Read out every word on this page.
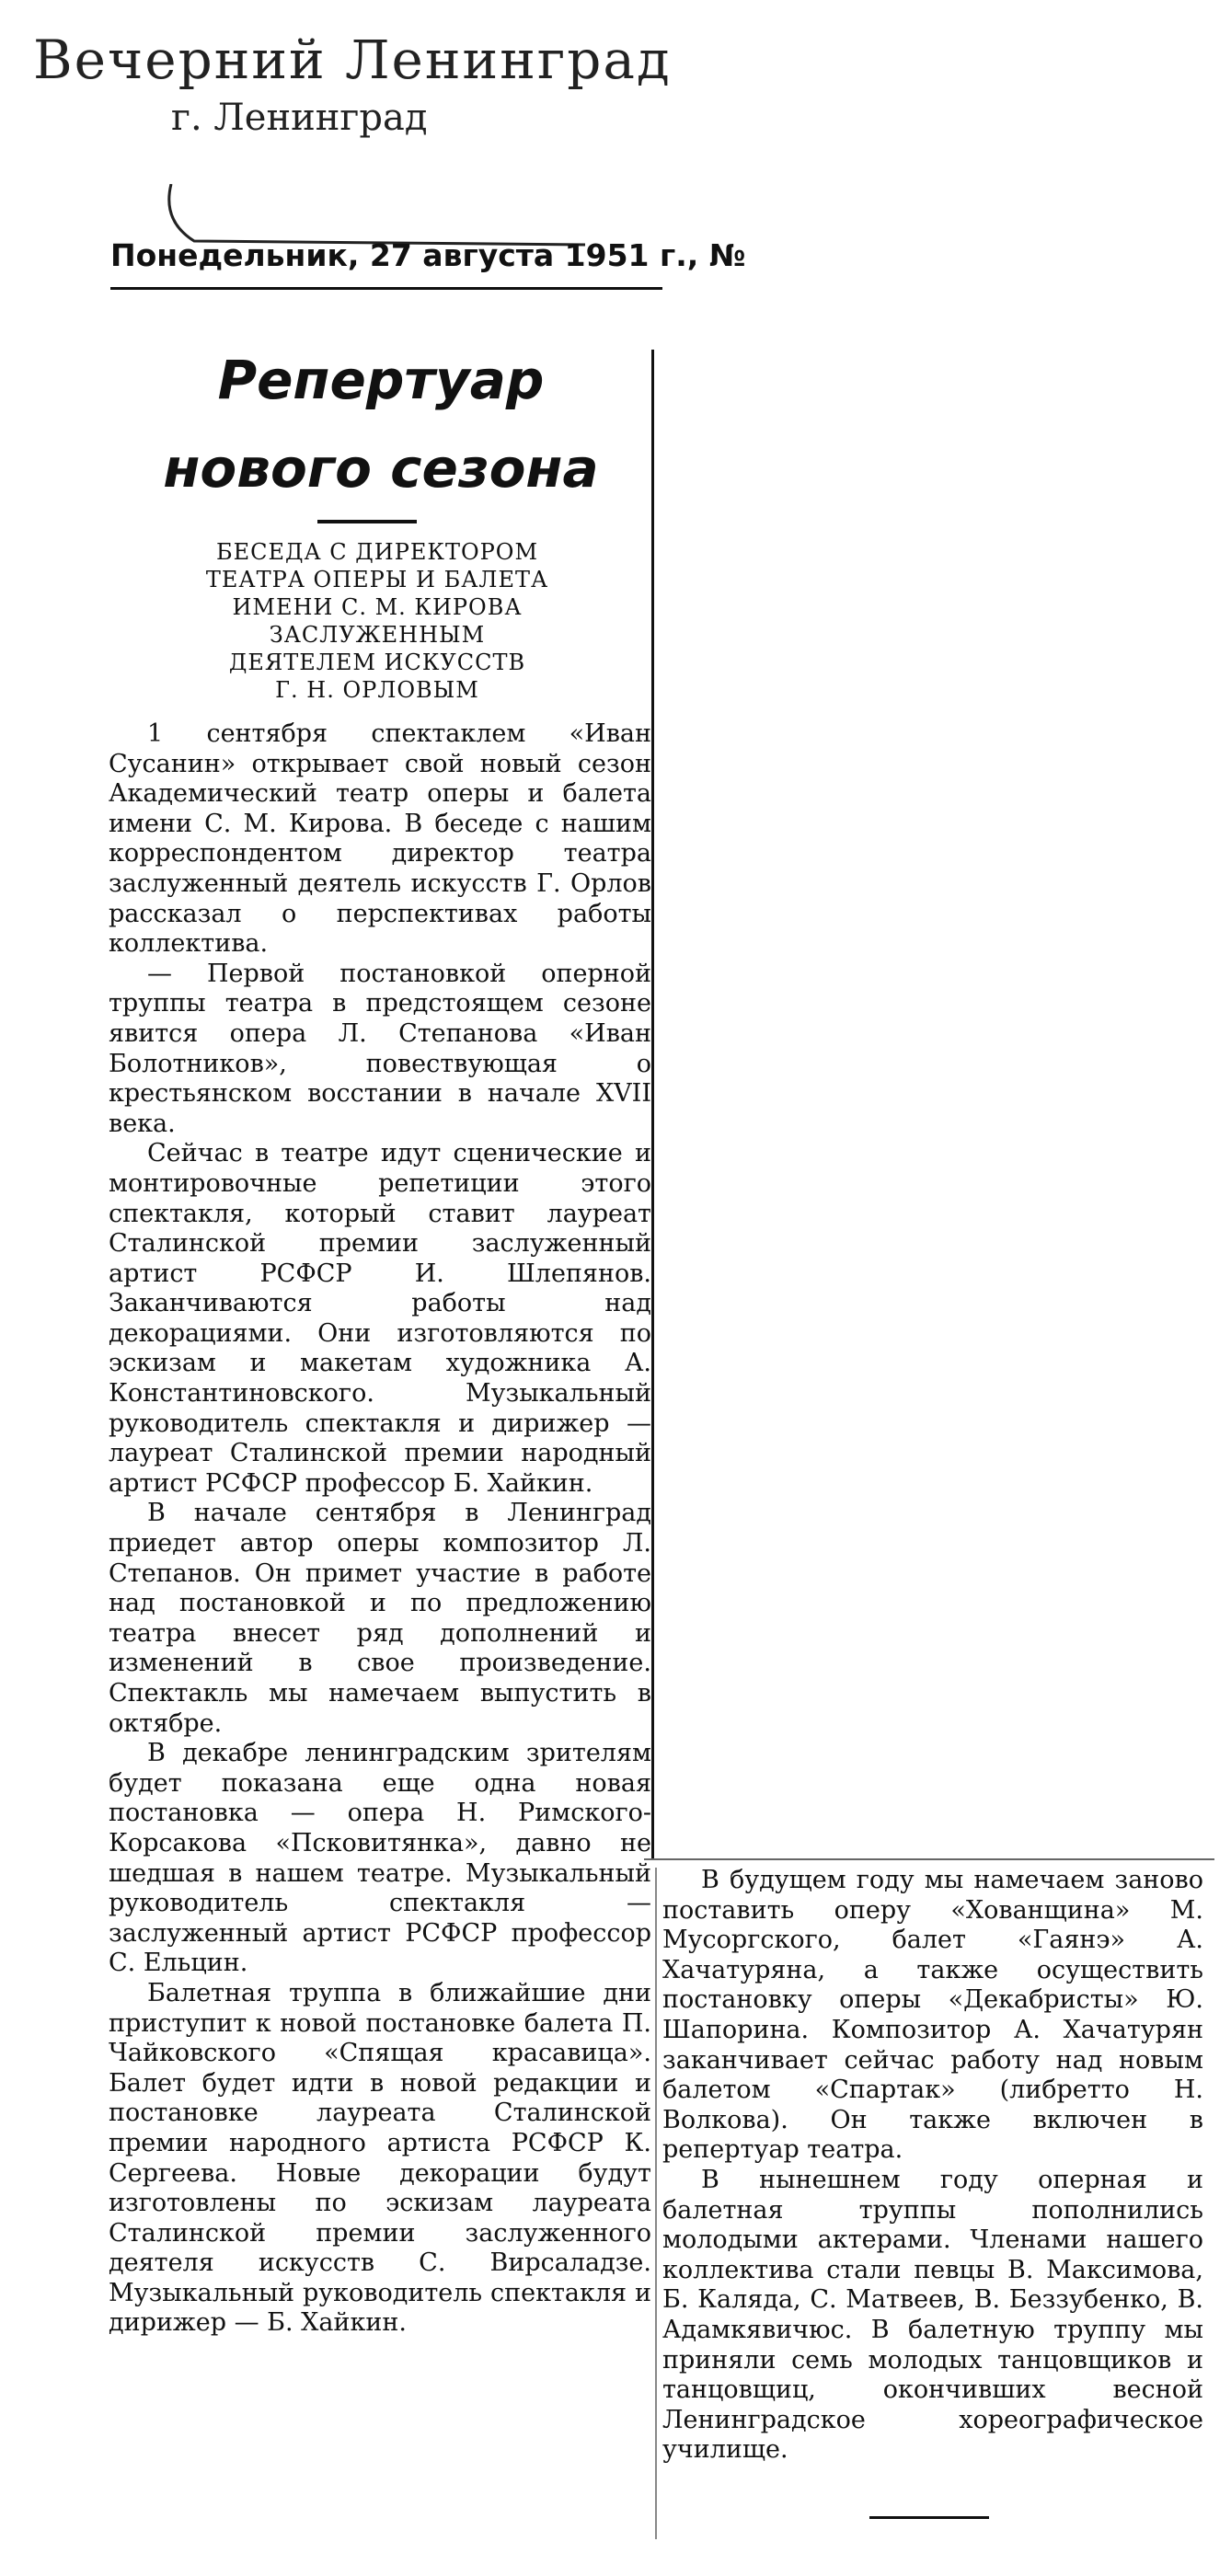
Вечерний Ленинград
г. Ленинград
Понедельник, 27 августа 1951 г., №
Репертуар
нового сезона
БЕСЕДА С ДИРЕКТОРОМ
ТЕАТРА ОПЕРЫ И БАЛЕТА
ИМЕНИ С. М. КИРОВА
ЗАСЛУЖЕННЫМ
ДЕЯТЕЛЕМ ИСКУССТВ
Г. Н. ОРЛОВЫМ

1 сентября спектаклем «Иван Сусанин» открывает свой новый сезон Академический театр оперы и балета имени С. М. Кирова. В беседе с нашим корреспондентом директор театра заслуженный деятель искусств Г. Орлов рассказал о перспективах работы коллектива.

— Первой постановкой оперной труппы театра в предстоящем сезоне явится опера Л. Степанова «Иван Болотников», повествующая о крестьянском восстании в начале XVII века.

Сейчас в театре идут сценические и монтировочные репетиции этого спектакля, который ставит лауреат Сталинской премии заслуженный артист РСФСР И. Шлепянов. Заканчиваются работы над декорациями. Они изготовляются по эскизам и макетам художника А. Константиновского. Музыкальный руководитель спектакля и дирижер — лауреат Сталинской премии народный артист РСФСР профессор Б. Хайкин.

В начале сентября в Ленинград приедет автор оперы композитор Л. Степанов. Он примет участие в работе над постановкой и по предложению театра внесет ряд дополнений и изменений в свое произведение. Спектакль мы намечаем выпустить в октябре.

В декабре ленинградским зрителям будет показана еще одна новая постановка — опера Н. Римского-Корсакова «Псковитянка», давно не шедшая в нашем театре. Музыкальный руководитель спектакля — заслуженный артист РСФСР профессор С. Ельцин.

Балетная труппа в ближайшие дни приступит к новой постановке балета П. Чайковского «Спящая красавица». Балет будет идти в новой редакции и постановке лауреата Сталинской премии народного артиста РСФСР К. Сергеева. Новые декорации будут изготовлены по эскизам лауреата Сталинской премии заслуженного деятеля искусств С. Вирсаладзе. Музыкальный руководитель спектакля и дирижер — Б. Хайкин.

В будущем году мы намечаем заново поставить оперу «Хованщина» М. Мусоргского, балет «Гаянэ» А. Хачатуряна, а также осуществить постановку оперы «Декабристы» Ю. Шапорина. Композитор А. Хачатурян заканчивает сейчас работу над новым балетом «Спартак» (либретто Н. Волкова). Он также включен в репертуар театра.

В нынешнем году оперная и балетная труппы пополнились молодыми актерами. Членами нашего коллектива стали певцы В. Максимова, Б. Каляда, С. Матвеев, В. Беззубенко, В. Адамкявичюс. В балетную труппу мы приняли семь молодых танцовщиков и танцовщиц, окончивших весной Ленинградское хореографическое училище.
